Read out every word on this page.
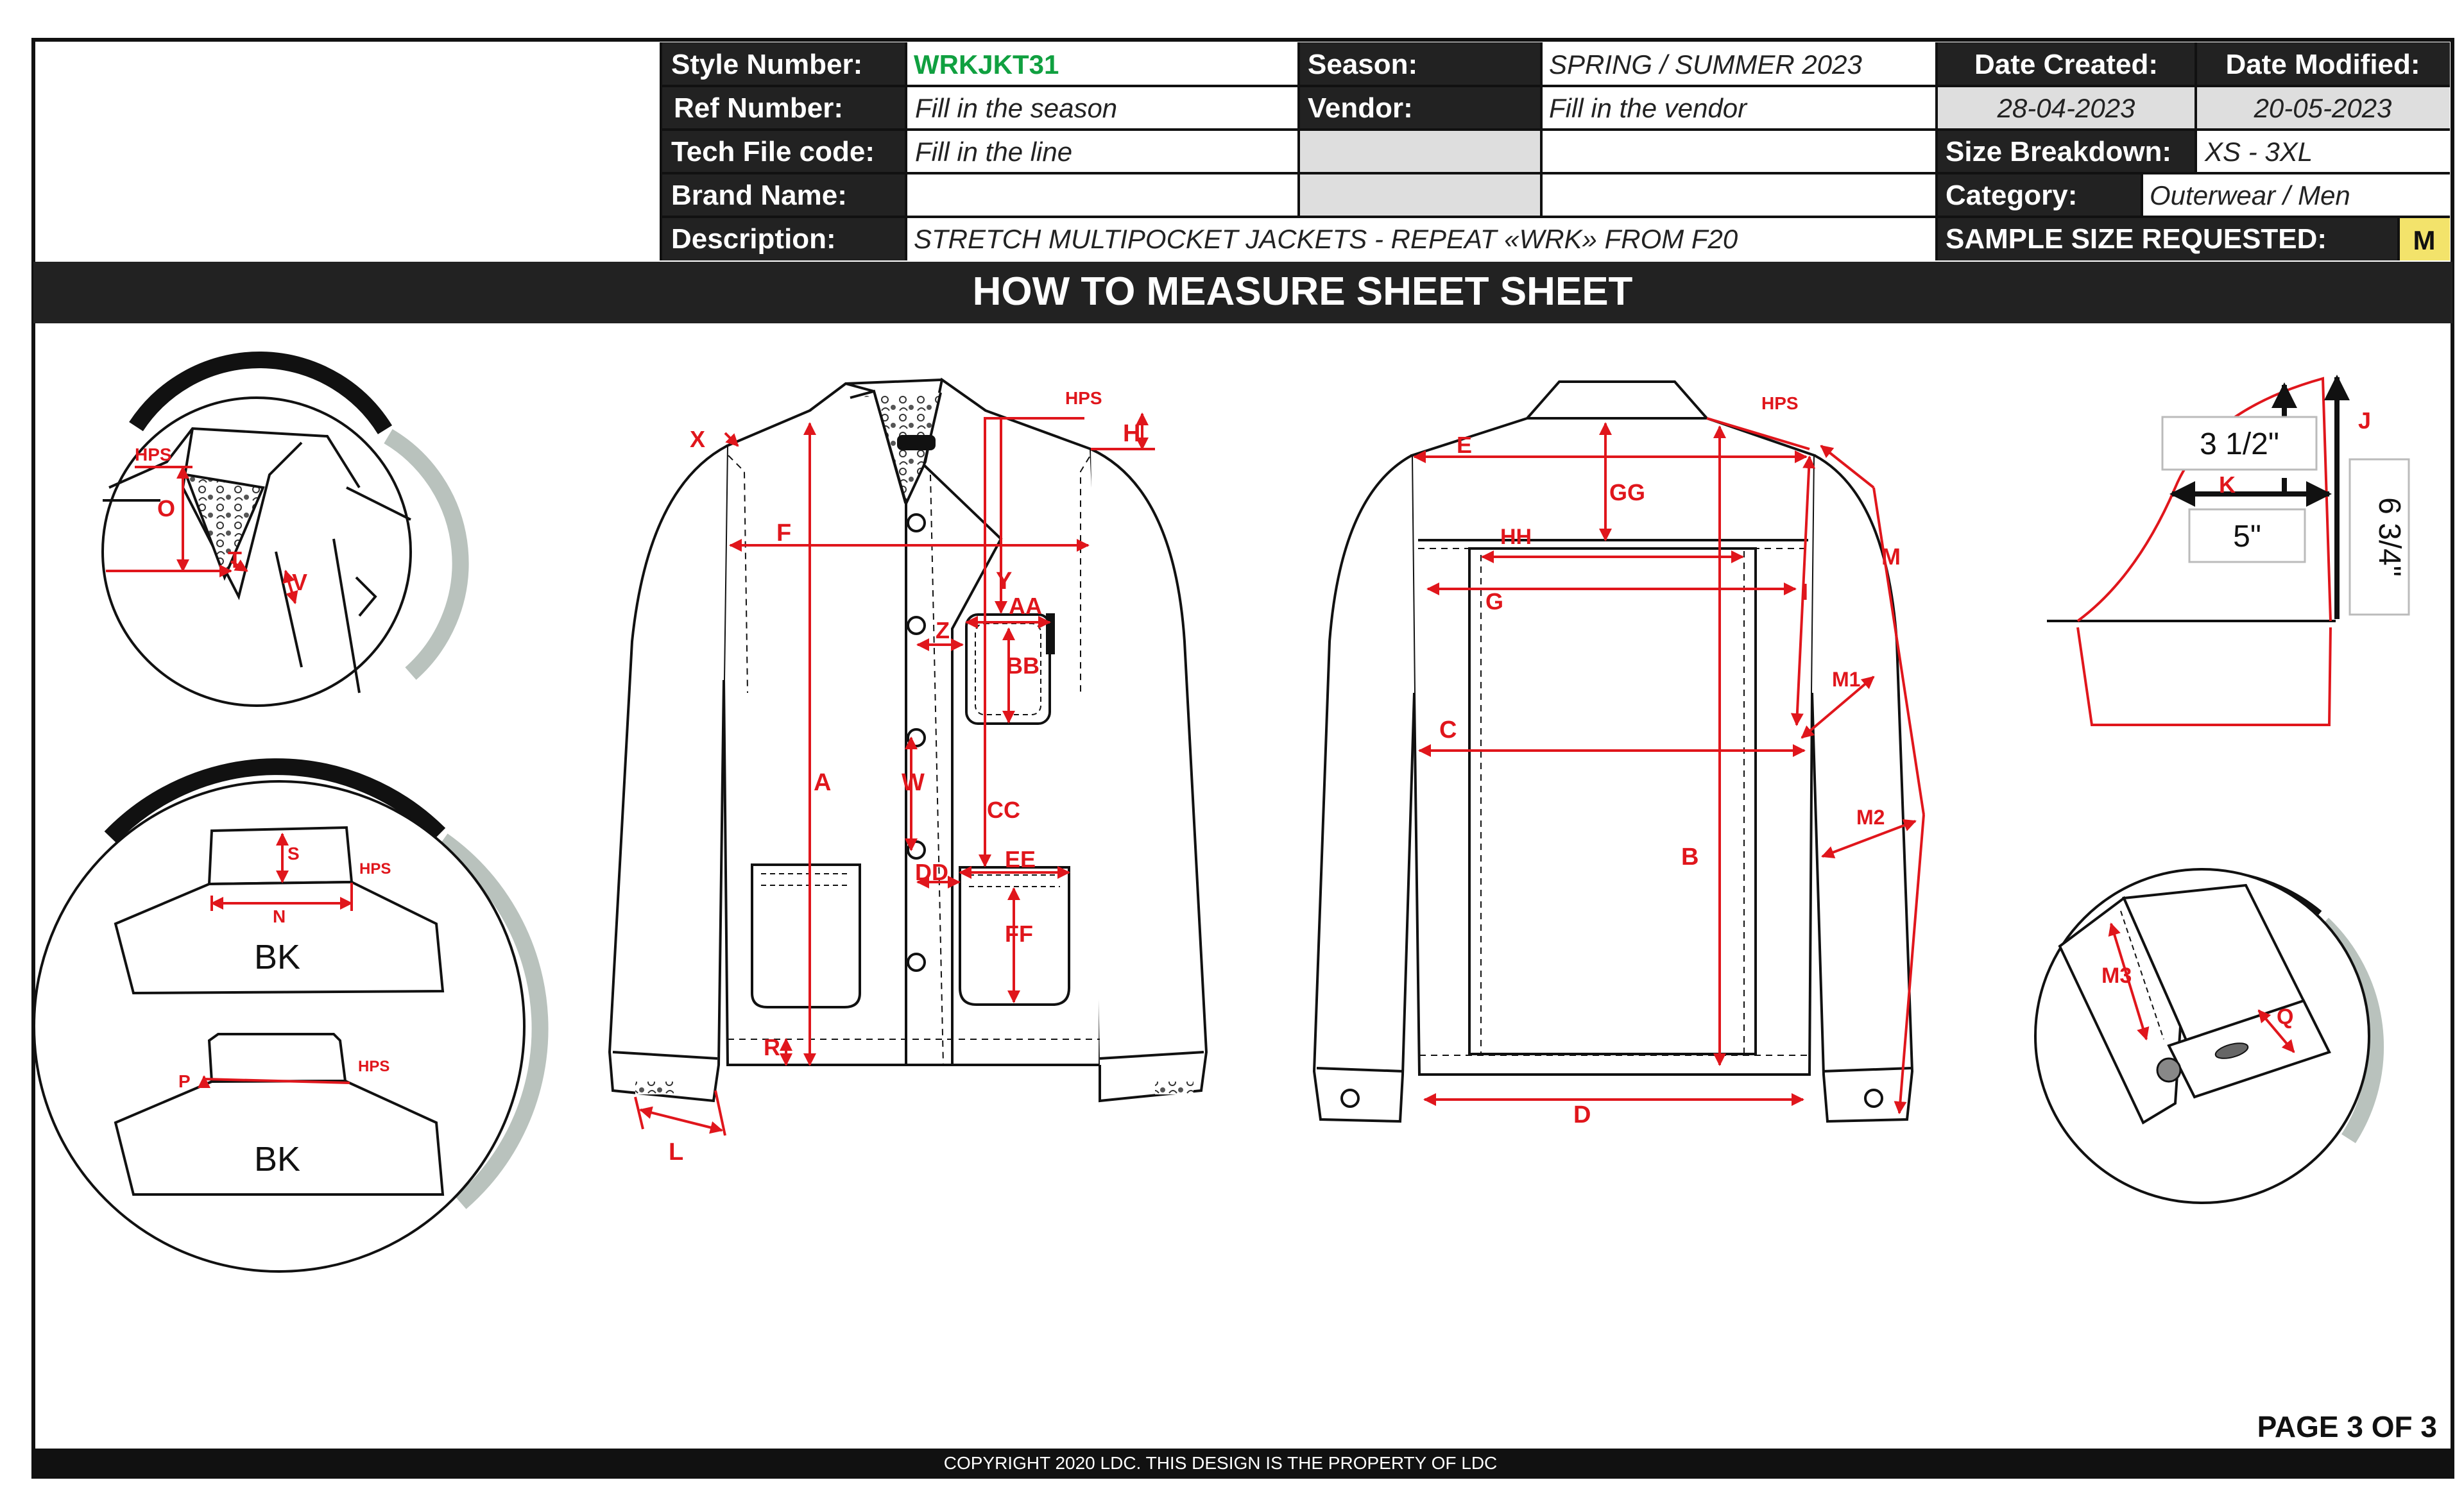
Style Number: WRKJKT31	Season:	SPRING / SUMMER 2023	Date Created: Date Modified:
Ref Number:	Fill in the season	Vendor:	Fill in the vendor	28-04-2023	20-05-2023
Tech File code: Fill in the line	Size Breakdown: XS - 3XL
Brand Name:	Category:	Outerwear / Men
Description:	STRETCH MULTIPOCKET JACKETS - REPEAT «WRK» FROM F20	SAMPLE SIZE REQUESTED:	M
HOW TO MEASURE SHEET SHEET
HPS
X	H
F
Y
AA
Z
BB
A	W
CC
DD EE
FF
R
L
HPS
E
GG
HH
G	I
M
M1
C
B
M2
D
HPS
O
T
V
S
HPS
N
BK
P
HPS
BK
3 1/2"
5"	6 3/4"
J
K
M3
Q
PAGE 3 OF 3
COPYRIGHT 2020 LDC. THIS DESIGN IS THE PROPERTY OF LDC
